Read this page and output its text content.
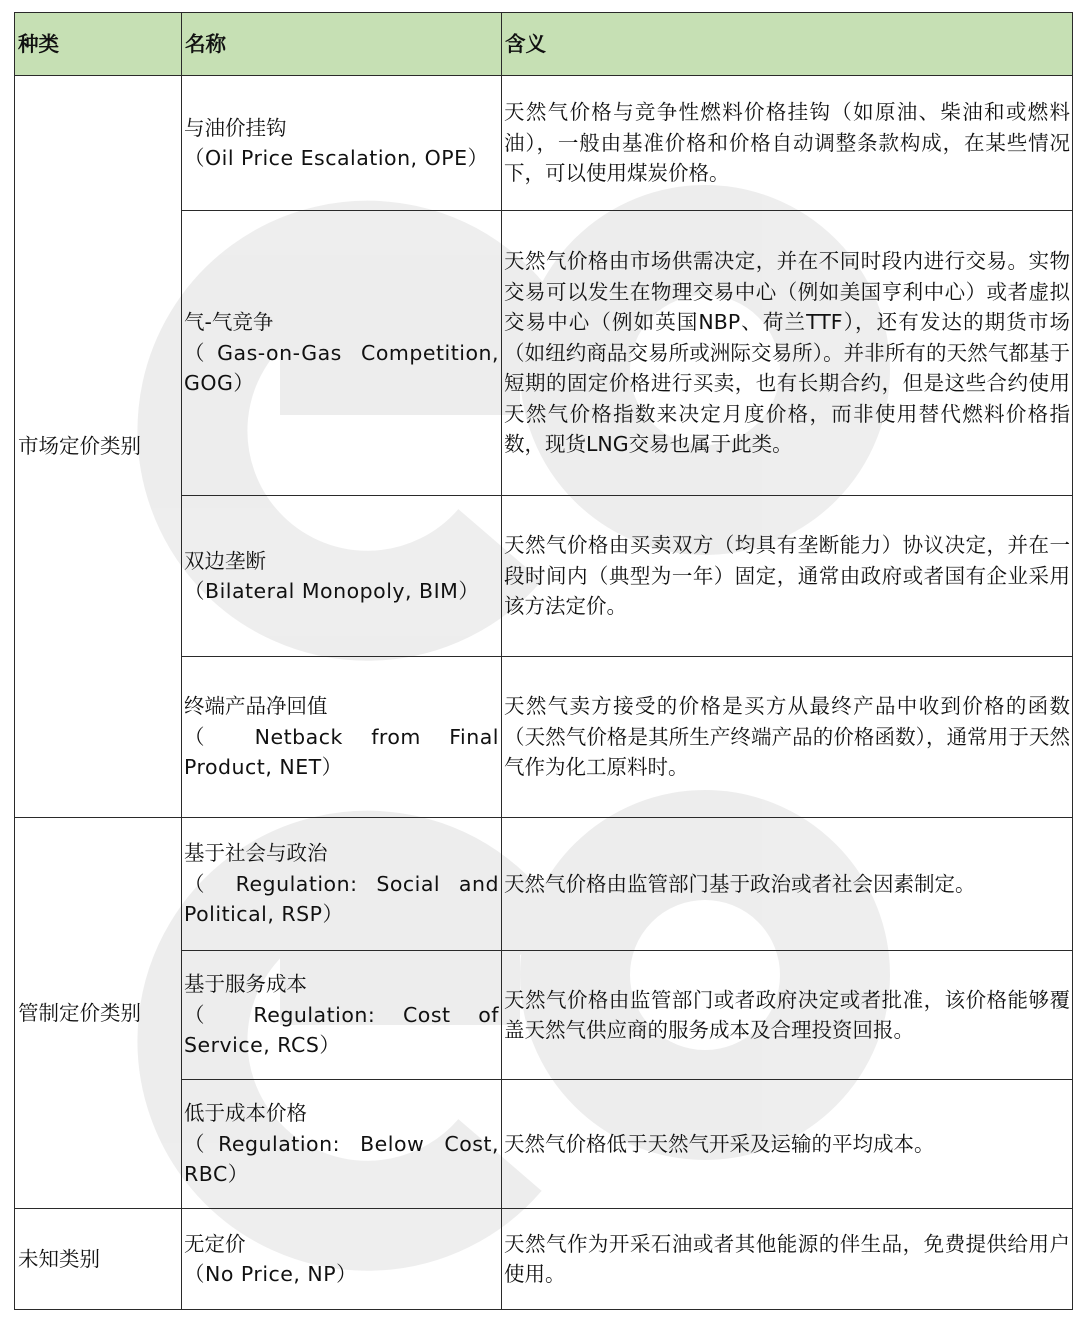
种类	名称	含义
市场定价类别	与油价挂钩
（Oil Price Escalation, OPE）	天然气价格与竞争性燃料价格挂钩（如原油、柴油和或燃料油），一般由基准价格和价格自动调整条款构成，在某些情况下，可以使用煤炭价格。

	气-气竞争
（Gas-on-Gas Competition, GOG）	天然气价格由市场供需决定，并在不同时段内进行交易。实物交易可以发生在物理交易中心（例如美国亨利中心）或者虚拟交易中心（例如英国NBP、荷兰TTF），还有发达的期货市场（如纽约商品交易所或洲际交易所）。并非所有的天然气都基于短期的固定价格进行买卖，也有长期合约，但是这些合约使用天然气价格指数来决定月度价格，而非使用替代燃料价格指数，现货LNG交易也属于此类。

	双边垄断
（Bilateral Monopoly, BIM）	天然气价格由买卖双方（均具有垄断能力）协议决定，并在一段时间内（典型为一年）固定，通常由政府或者国有企业采用该方法定价。

	终端产品净回值
（ Netback from Final Product, NET）	天然气卖方接受的价格是买方从最终产品中收到价格的函数（天然气价格是其所生产终端产品的价格函数），通常用于天然气作为化工原料时。

管制定价类别	基于社会与政治
（ Regulation: Social and Political, RSP）	天然气价格由监管部门基于政治或者社会因素制定。

	基于服务成本
（ Regulation: Cost of Service, RCS）	天然气价格由监管部门或者政府决定或者批准，该价格能够覆盖天然气供应商的服务成本及合理投资回报。

	低于成本价格
（Regulation: Below Cost, RBC）	天然气价格低于天然气开采及运输的平均成本。

未知类别	无定价
（No Price, NP）	天然气作为开采石油或者其他能源的伴生品，免费提供给用户使用。
